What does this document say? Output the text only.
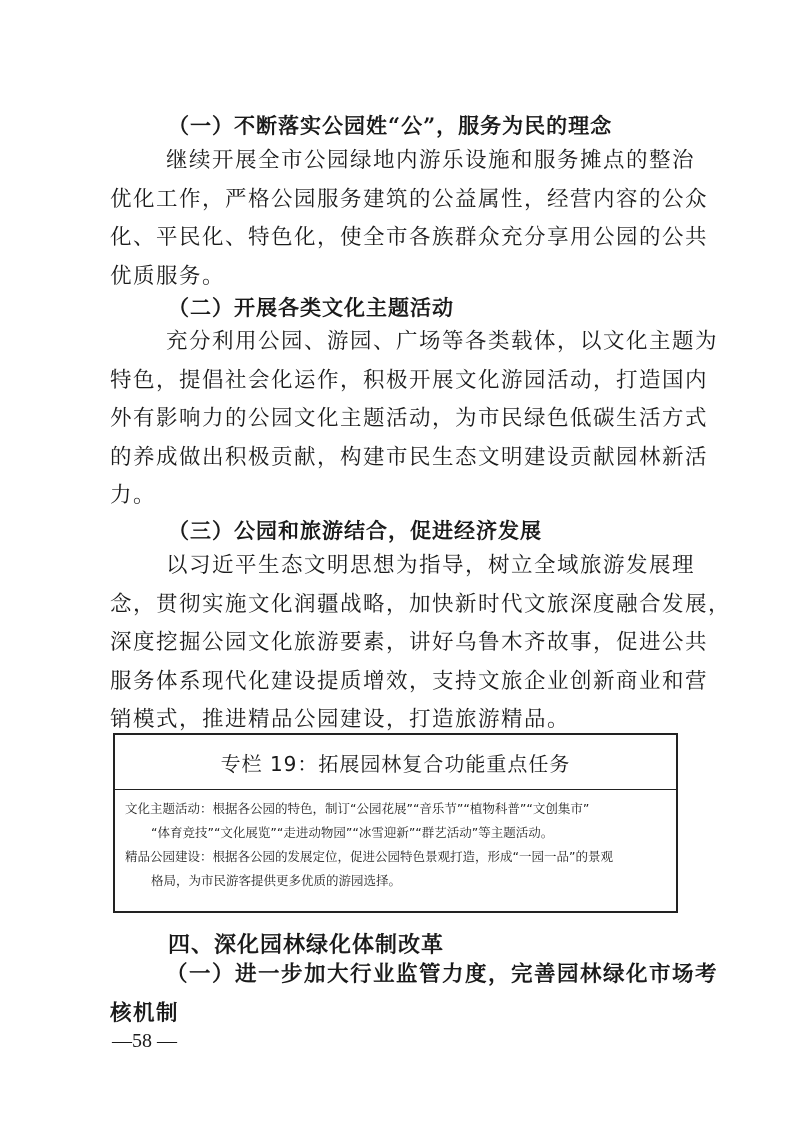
（一）不断落实公园姓“公”，服务为民的理念
继续开展全市公园绿地内游乐设施和服务摊点的整治
优化工作，严格公园服务建筑的公益属性，经营内容的公众
化、平民化、特色化，使全市各族群众充分享用公园的公共
优质服务。
（二）开展各类文化主题活动
充分利用公园、游园、广场等各类载体，以文化主题为
特色，提倡社会化运作，积极开展文化游园活动，打造国内
外有影响力的公园文化主题活动，为市民绿色低碳生活方式
的养成做出积极贡献，构建市民生态文明建设贡献园林新活
力。
（三）公园和旅游结合，促进经济发展
以习近平生态文明思想为指导，树立全域旅游发展理
念，贯彻实施文化润疆战略，加快新时代文旅深度融合发展，
深度挖掘公园文化旅游要素，讲好乌鲁木齐故事，促进公共
服务体系现代化建设提质增效，支持文旅企业创新商业和营
销模式，推进精品公园建设，打造旅游精品。
专栏 19：拓展园林复合功能重点任务
文化主题活动：根据各公园的特色，制订“公园花展”“音乐节”“植物科普”“文创集市”
“体育竞技”“文化展览”“走进动物园”“冰雪迎新”“群艺活动”等主题活动。
精品公园建设：根据各公园的发展定位，促进公园特色景观打造，形成“一园一品”的景观
格局，为市民游客提供更多优质的游园选择。
四、深化园林绿化体制改革
（一）进一步加大行业监管力度，完善园林绿化市场考
核机制
—58 —
